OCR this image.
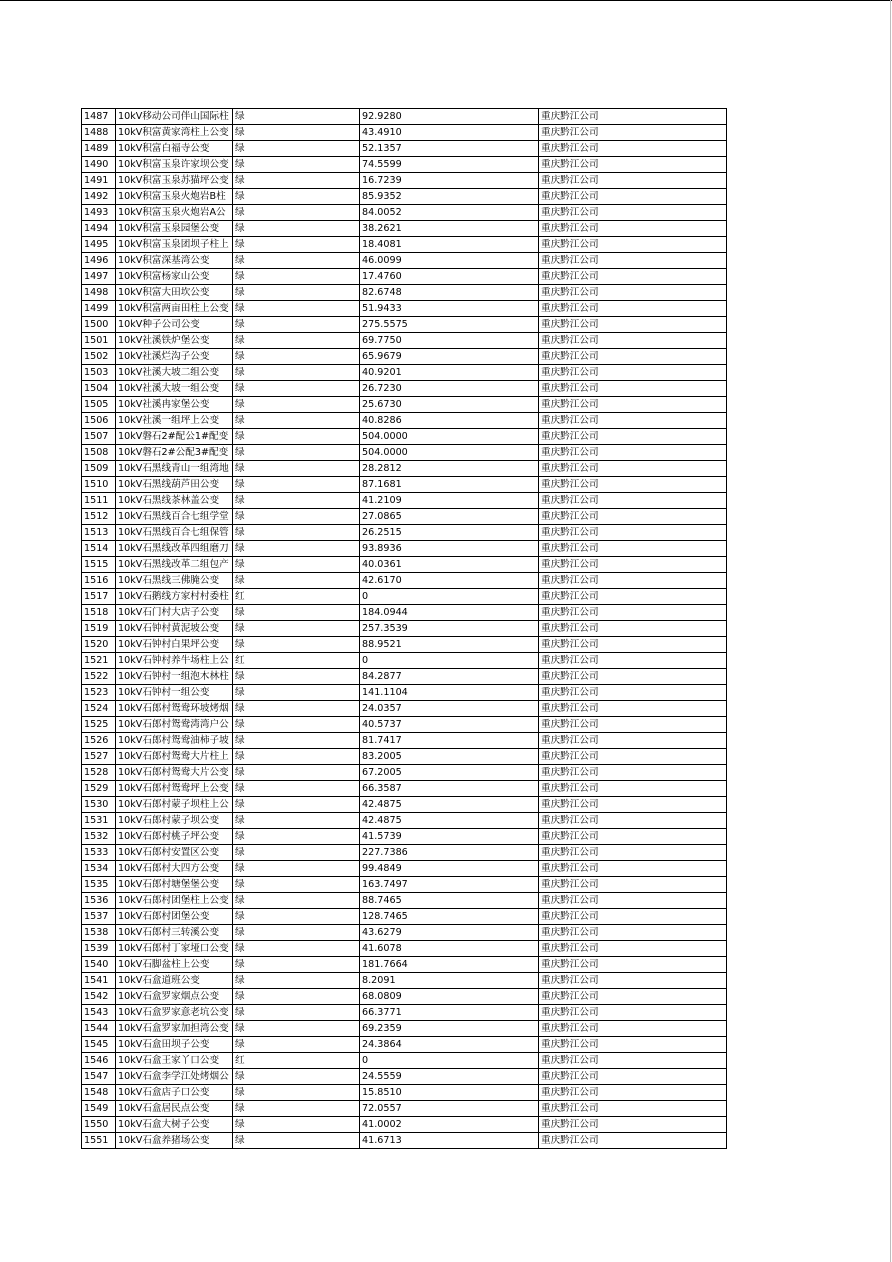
1487	10kV移动公司伴山国际柱	绿	92.9280	重庆黔江公司
1488	10kV积富黄家湾柱上公变	绿	43.4910	重庆黔江公司
1489	10kV积富白福寺公变	绿	52.1357	重庆黔江公司
1490	10kV积富玉泉许家坝公变	绿	74.5599	重庆黔江公司
1491	10kV积富玉泉苏猫坪公变	绿	16.7239	重庆黔江公司
1492	10kV积富玉泉火炮岩B柱	绿	85.9352	重庆黔江公司
1493	10kV积富玉泉火炮岩A公	绿	84.0052	重庆黔江公司
1494	10kV积富玉泉园堡公变	绿	38.2621	重庆黔江公司
1495	10kV积富玉泉团坝子柱上	绿	18.4081	重庆黔江公司
1496	10kV积富深基湾公变	绿	46.0099	重庆黔江公司
1497	10kV积富杨家山公变	绿	17.4760	重庆黔江公司
1498	10kV积富大田坎公变	绿	82.6748	重庆黔江公司
1499	10kV积富两亩田柱上公变	绿	51.9433	重庆黔江公司
1500	10kV种子公司公变	绿	275.5575	重庆黔江公司
1501	10kV社溪铁炉堡公变	绿	69.7750	重庆黔江公司
1502	10kV社溪烂沟子公变	绿	65.9679	重庆黔江公司
1503	10kV社溪大坡二组公变	绿	40.9201	重庆黔江公司
1504	10kV社溪大坡一组公变	绿	26.7230	重庆黔江公司
1505	10kV社溪冉家堡公变	绿	25.6730	重庆黔江公司
1506	10kV社溪一组坪上公变	绿	40.8286	重庆黔江公司
1507	10kV磐石2#配公1#配变	绿	504.0000	重庆黔江公司
1508	10kV磐石2#公配3#配变	绿	504.0000	重庆黔江公司
1509	10kV石黑线青山一组湾地	绿	28.2812	重庆黔江公司
1510	10kV石黑线葫芦田公变	绿	87.1681	重庆黔江公司
1511	10kV石黑线茶林盖公变	绿	41.2109	重庆黔江公司
1512	10kV石黑线百合七组学堂	绿	27.0865	重庆黔江公司
1513	10kV石黑线百合七组保管	绿	26.2515	重庆黔江公司
1514	10kV石黑线改革四组磨刀	绿	93.8936	重庆黔江公司
1515	10kV石黑线改革二组包产	绿	40.0361	重庆黔江公司
1516	10kV石黑线三佛腌公变	绿	42.6170	重庆黔江公司
1517	10kV石鹅线方家村村委柱	红	0	重庆黔江公司
1518	10kV石门村大店子公变	绿	184.0944	重庆黔江公司
1519	10kV石钟村黄泥坡公变	绿	257.3539	重庆黔江公司
1520	10kV石钟村白果坪公变	绿	88.9521	重庆黔江公司
1521	10kV石钟村养牛场柱上公	红	0	重庆黔江公司
1522	10kV石钟村一组泡木林柱	绿	84.2877	重庆黔江公司
1523	10kV石钟村一组公变	绿	141.1104	重庆黔江公司
1524	10kV石郎村鸳鸯环坡烤烟	绿	24.0357	重庆黔江公司
1525	10kV石郎村鸳鸯湾湾户公	绿	40.5737	重庆黔江公司
1526	10kV石郎村鸳鸯油柿子坡	绿	81.7417	重庆黔江公司
1527	10kV石郎村鸳鸯大片柱上	绿	83.2005	重庆黔江公司
1528	10kV石郎村鸳鸯大片公变	绿	67.2005	重庆黔江公司
1529	10kV石郎村鸳鸯坪上公变	绿	66.3587	重庆黔江公司
1530	10kV石郎村蒙子坝柱上公	绿	42.4875	重庆黔江公司
1531	10kV石郎村蒙子坝公变	绿	42.4875	重庆黔江公司
1532	10kV石郎村桃子坪公变	绿	41.5739	重庆黔江公司
1533	10kV石郎村安置区公变	绿	227.7386	重庆黔江公司
1534	10kV石郎村大四方公变	绿	99.4849	重庆黔江公司
1535	10kV石郎村塘堡堡公变	绿	163.7497	重庆黔江公司
1536	10kV石郎村团堡柱上公变	绿	88.7465	重庆黔江公司
1537	10kV石郎村团堡公变	绿	128.7465	重庆黔江公司
1538	10kV石郎村三转溪公变	绿	43.6279	重庆黔江公司
1539	10kV石郎村丁家垭口公变	绿	41.6078	重庆黔江公司
1540	10kV石脚盆柱上公变	绿	181.7664	重庆黔江公司
1541	10kV石盒道班公变	绿	8.2091	重庆黔江公司
1542	10kV石盒罗家烟点公变	绿	68.0809	重庆黔江公司
1543	10kV石盒罗家意老坑公变	绿	66.3771	重庆黔江公司
1544	10kV石盒罗家加担湾公变	绿	69.2359	重庆黔江公司
1545	10kV石盒田坝子公变	绿	24.3864	重庆黔江公司
1546	10kV石盒王家丫口公变	红	0	重庆黔江公司
1547	10kV石盒李学江处烤烟公	绿	24.5559	重庆黔江公司
1548	10kV石盒店子口公变	绿	15.8510	重庆黔江公司
1549	10kV石盒居民点公变	绿	72.0557	重庆黔江公司
1550	10kV石盒大树子公变	绿	41.0002	重庆黔江公司
1551	10kV石盒养猪场公变	绿	41.6713	重庆黔江公司
